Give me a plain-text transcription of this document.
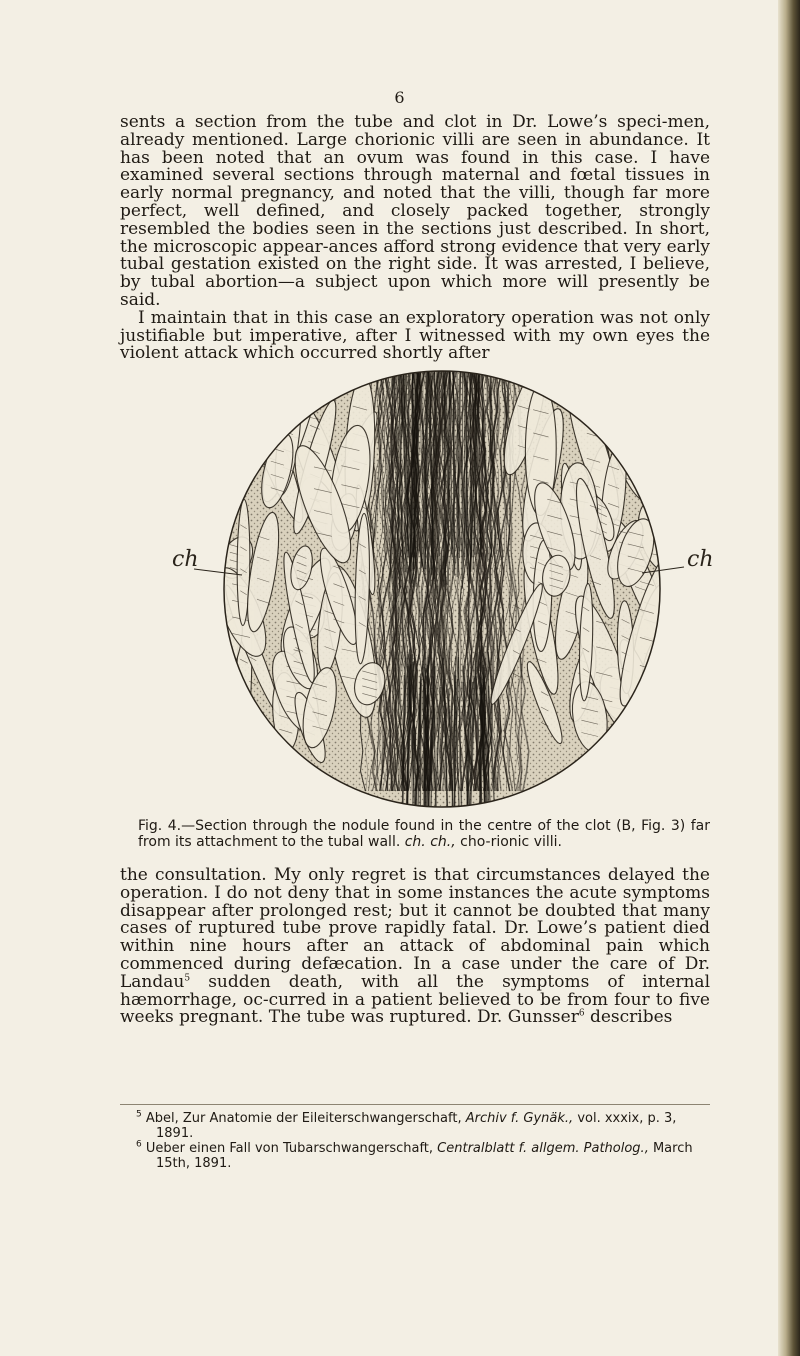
6

sents a section from the tube and clot in Dr. Lowe’s speci-men, already mentioned. Large chorionic villi are seen in abundance. It has been noted that an ovum was found in this case. I have examined several sections through maternal and fœtal tissues in early normal pregnancy, and noted that the villi, though far more perfect, well defined, and closely packed together, strongly resembled the bodies seen in the sections just described. In short, the microscopic appear-ances afford strong evidence that very early tubal gestation existed on the right side. It was arrested, I believe, by tubal abortion—a subject upon which more will presently be said.

I maintain that in this case an exploratory operation was not only justifiable but imperative, after I witnessed with my own eyes the violent attack which occurred shortly after

ch	ch

Fig. 4.—Section through the nodule found in the centre of the clot (B, Fig. 3) far from its attachment to the tubal wall. ch. ch., cho-rionic villi.

the consultation. My only regret is that circumstances delayed the operation. I do not deny that in some instances the acute symptoms disappear after prolonged rest; but it cannot be doubted that many cases of ruptured tube prove rapidly fatal. Dr. Lowe’s patient died within nine hours after an attack of abdominal pain which commenced during defæcation. In a case under the care of Dr. Landau$^5$ sudden death, with all the symptoms of internal hæmorrhage, oc-curred in a patient believed to be from four to five weeks pregnant. The tube was ruptured. Dr. Gunsser$^6$ describes

$^5$ Abel, Zur Anatomie der Eileiterschwangerschaft, Archiv f. Gynäk., vol. xxxix, p. 3, 1891.

$^6$ Ueber einen Fall von Tubarschwangerschaft, Centralblatt f. allgem. Patholog., March 15th, 1891.
